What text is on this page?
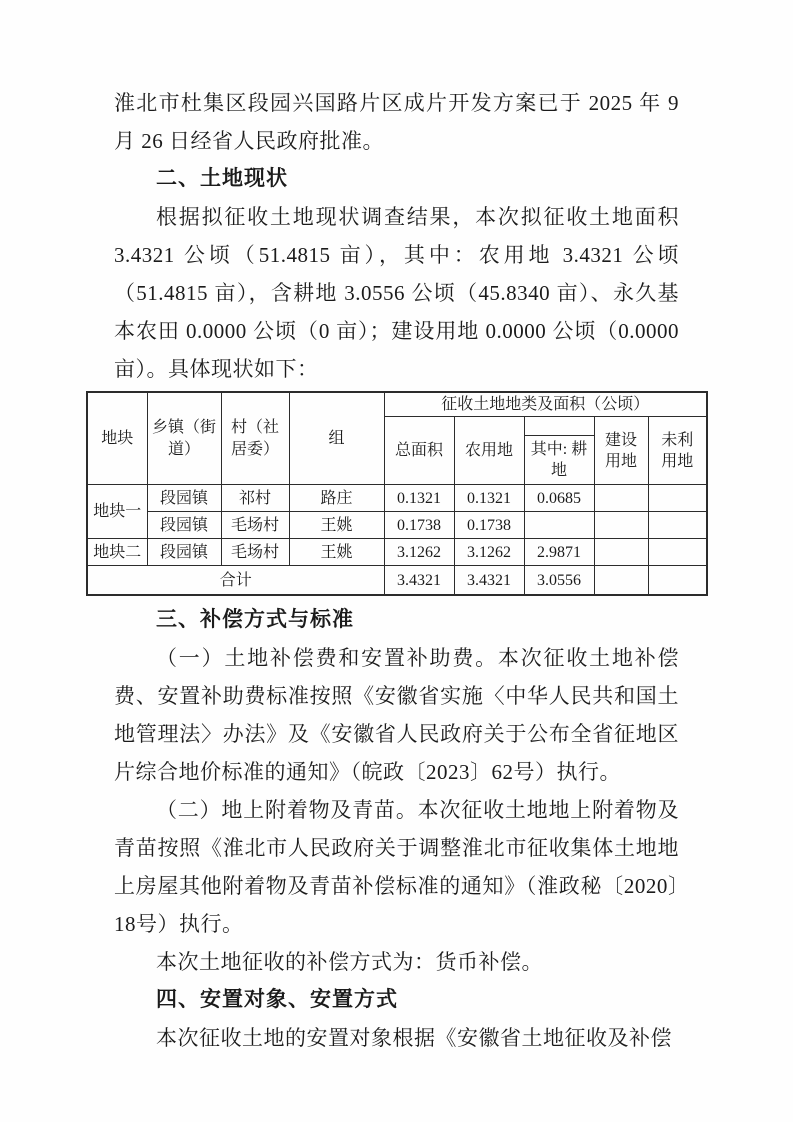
淮北市杜集区段园兴国路片区成片开发方案已于 2025 年 9 月 26 日经省人民政府批准。

二、土地现状

根据拟征收土地现状调查结果，本次拟征收土地面积 3.4321 公顷（51.4815 亩），其中：农用地 3.4321 公顷（51.4815 亩），含耕地 3.0556 公顷（45.8340 亩）、永久基本农田 0.0000 公顷（0 亩）；建设用地 0.0000 公顷（0.0000 亩）。具体现状如下：

地块	乡镇（街道）	村（社居委）	组	征收土地地类及面积（公顷）				
				总面积	农用地		建设用地	未利用地
						其中: 耕地		
地块一	段园镇	祁村	路庄	0.1321	0.1321	0.0685		
	段园镇	毛场村	王姚	0.1738	0.1738			
地块二	段园镇	毛场村	王姚	3.1262	3.1262	2.9871		
合计				3.4321	3.4321	3.0556		

三、补偿方式与标准

（一）土地补偿费和安置补助费。本次征收土地补偿费、安置补助费标准按照《安徽省实施〈中华人民共和国土地管理法〉办法》及《安徽省人民政府关于公布全省征地区片综合地价标准的通知》（皖政〔2023〕62号）执行。

（二）地上附着物及青苗。本次征收土地地上附着物及青苗按照《淮北市人民政府关于调整淮北市征收集体土地地上房屋其他附着物及青苗补偿标准的通知》（淮政秘〔2020〕18号）执行。

本次土地征收的补偿方式为：货币补偿。

四、安置对象、安置方式

本次征收土地的安置对象根据《安徽省土地征收及补偿
